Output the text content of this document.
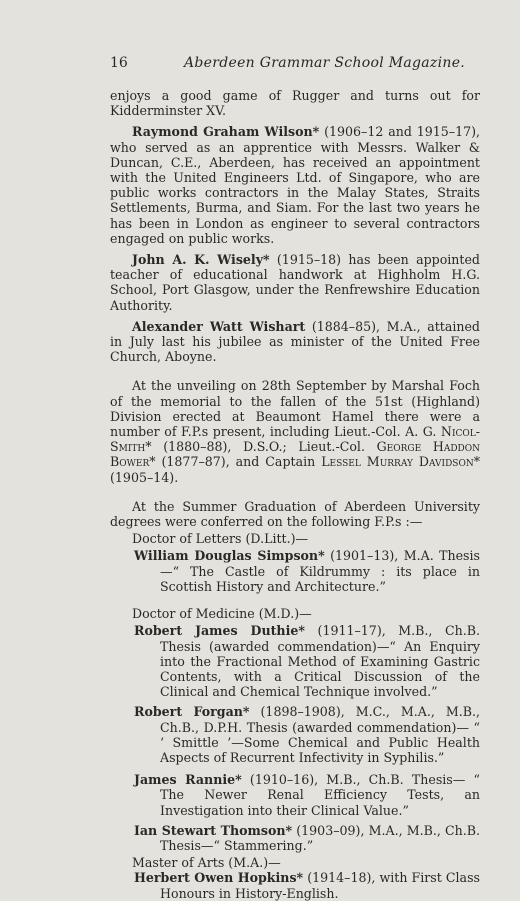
16	Aberdeen Grammar School Magazine.

enjoys a good game of Rugger and turns out for Kidderminster XV.

Raymond Graham Wilson* (1906–12 and 1915–17), who served as an apprentice with Messrs. Walker & Duncan, C.E., Aberdeen, has received an appointment with the United Engineers Ltd. of Singapore, who are public works contractors in the Malay States, Straits Settlements, Burma, and Siam. For the last two years he has been in London as engineer to several contractors engaged on public works.

John A. K. Wisely* (1915–18) has been appointed teacher of educational handwork at Highholm H.G. School, Port Glasgow, under the Renfrewshire Education Authority.

Alexander Watt Wishart (1884–85), M.A., attained in July last his jubilee as minister of the United Free Church, Aboyne.

At the unveiling on 28th September by Marshal Foch of the memorial to the fallen of the 51st (Highland) Division erected at Beaumont Hamel there were a number of F.P.s present, including Lieut.-Col. A. G. Nicol-Smith* (1880–88), D.S.O.; Lieut.-Col. George Haddon Bower* (1877–87), and Captain Lessel Murray Davidson* (1905–14).

At the Summer Graduation of Aberdeen University degrees were conferred on the following F.P.s :—

Doctor of Letters (D.Litt.)—

William Douglas Simpson* (1901–13), M.A. Thesis —“ The Castle of Kildrummy : its place in Scottish History and Architecture.”

Doctor of Medicine (M.D.)—

Robert James Duthie* (1911–17), M.B., Ch.B. Thesis (awarded commendation)—“ An Enquiry into the Fractional Method of Examining Gastric Contents, with a Critical Discussion of the Clinical and Chemical Technique involved.”

Robert Forgan* (1898–1908), M.C., M.A., M.B., Ch.B., D.P.H. Thesis (awarded commendation)— “ ‘ Smittle ’—Some Chemical and Public Health Aspects of Recurrent Infectivity in Syphilis.”

James Rannie* (1910–16), M.B., Ch.B. Thesis— “ The Newer Renal Efficiency Tests, an Investigation into their Clinical Value.”

Ian Stewart Thomson* (1903–09), M.A., M.B., Ch.B. Thesis—“ Stammering.”

Master of Arts (M.A.)—

Herbert Owen Hopkins* (1914–18), with First Class Honours in History-English.
